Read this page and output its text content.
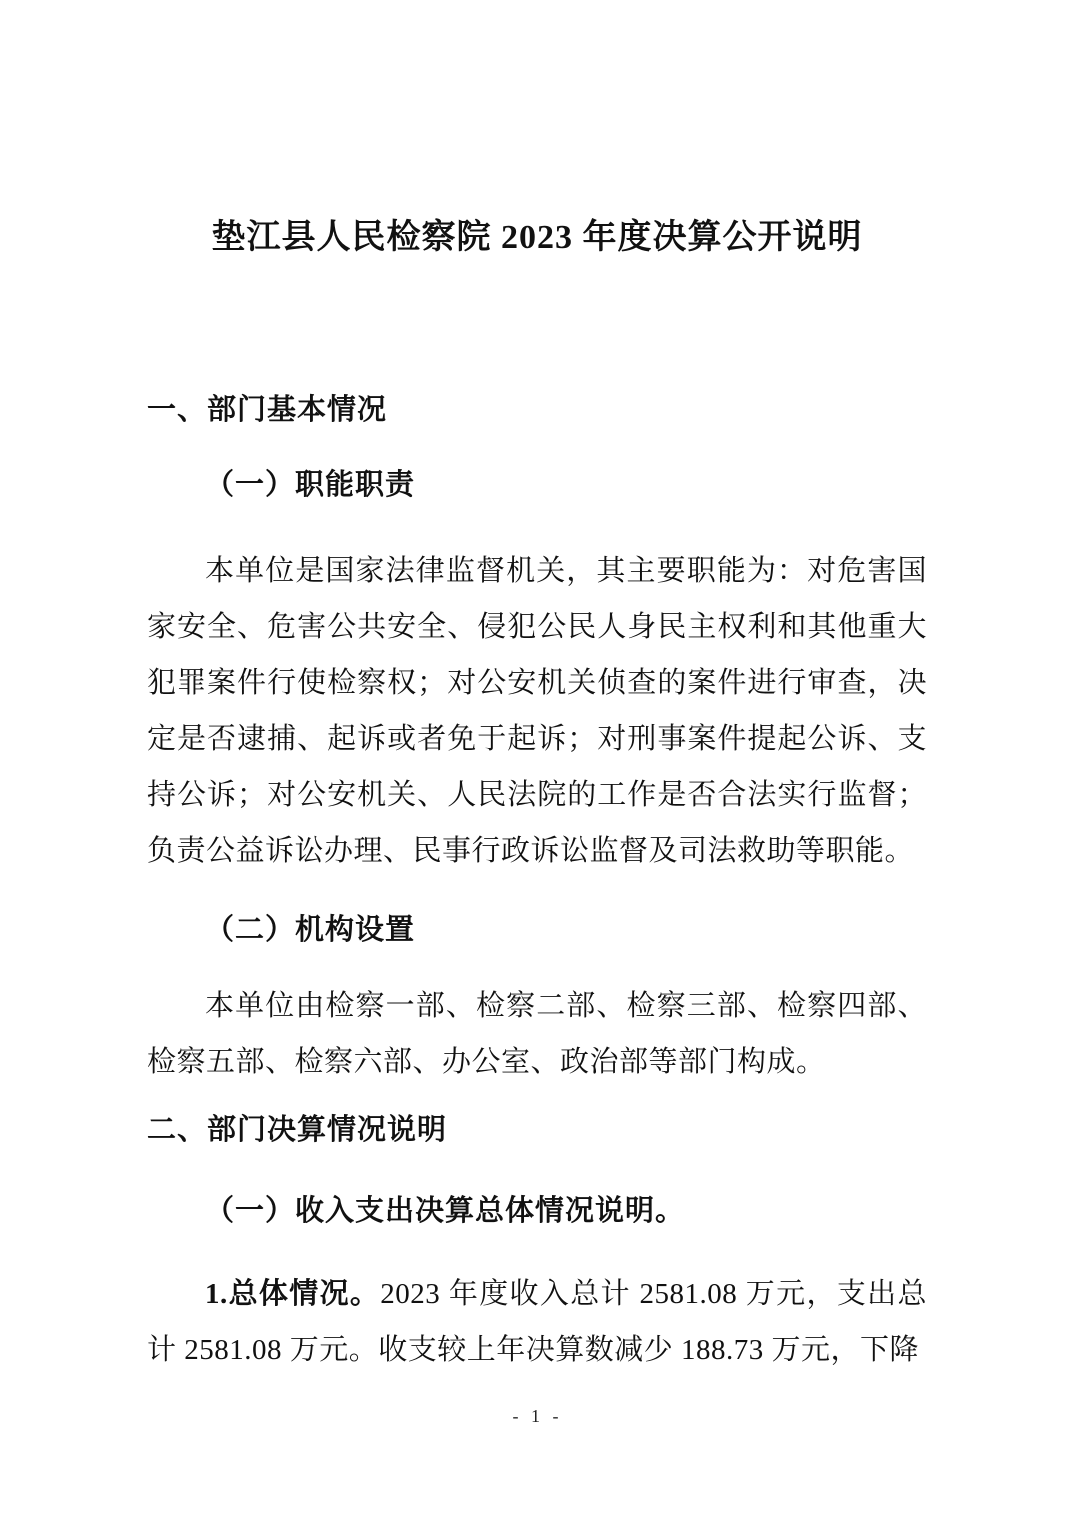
垫江县人民检察院 2023 年度决算公开说明
一、部门基本情况
（一）职能职责

本单位是国家法律监督机关，其主要职能为：对危害国家安全、危害公共安全、侵犯公民人身民主权利和其他重大犯罪案件行使检察权；对公安机关侦查的案件进行审查，决定是否逮捕、起诉或者免于起诉；对刑事案件提起公诉、支持公诉；对公安机关、人民法院的工作是否合法实行监督；负责公益诉讼办理、民事行政诉讼监督及司法救助等职能。

（二）机构设置

本单位由检察一部、检察二部、检察三部、检察四部、检察五部、检察六部、办公室、政治部等部门构成。

二、部门决算情况说明
（一）收入支出决算总体情况说明。

1.总体情况。2023 年度收入总计 2581.08 万元，支出总计 2581.08 万元。收支较上年决算数减少 188.73 万元，下降

- 1 -
